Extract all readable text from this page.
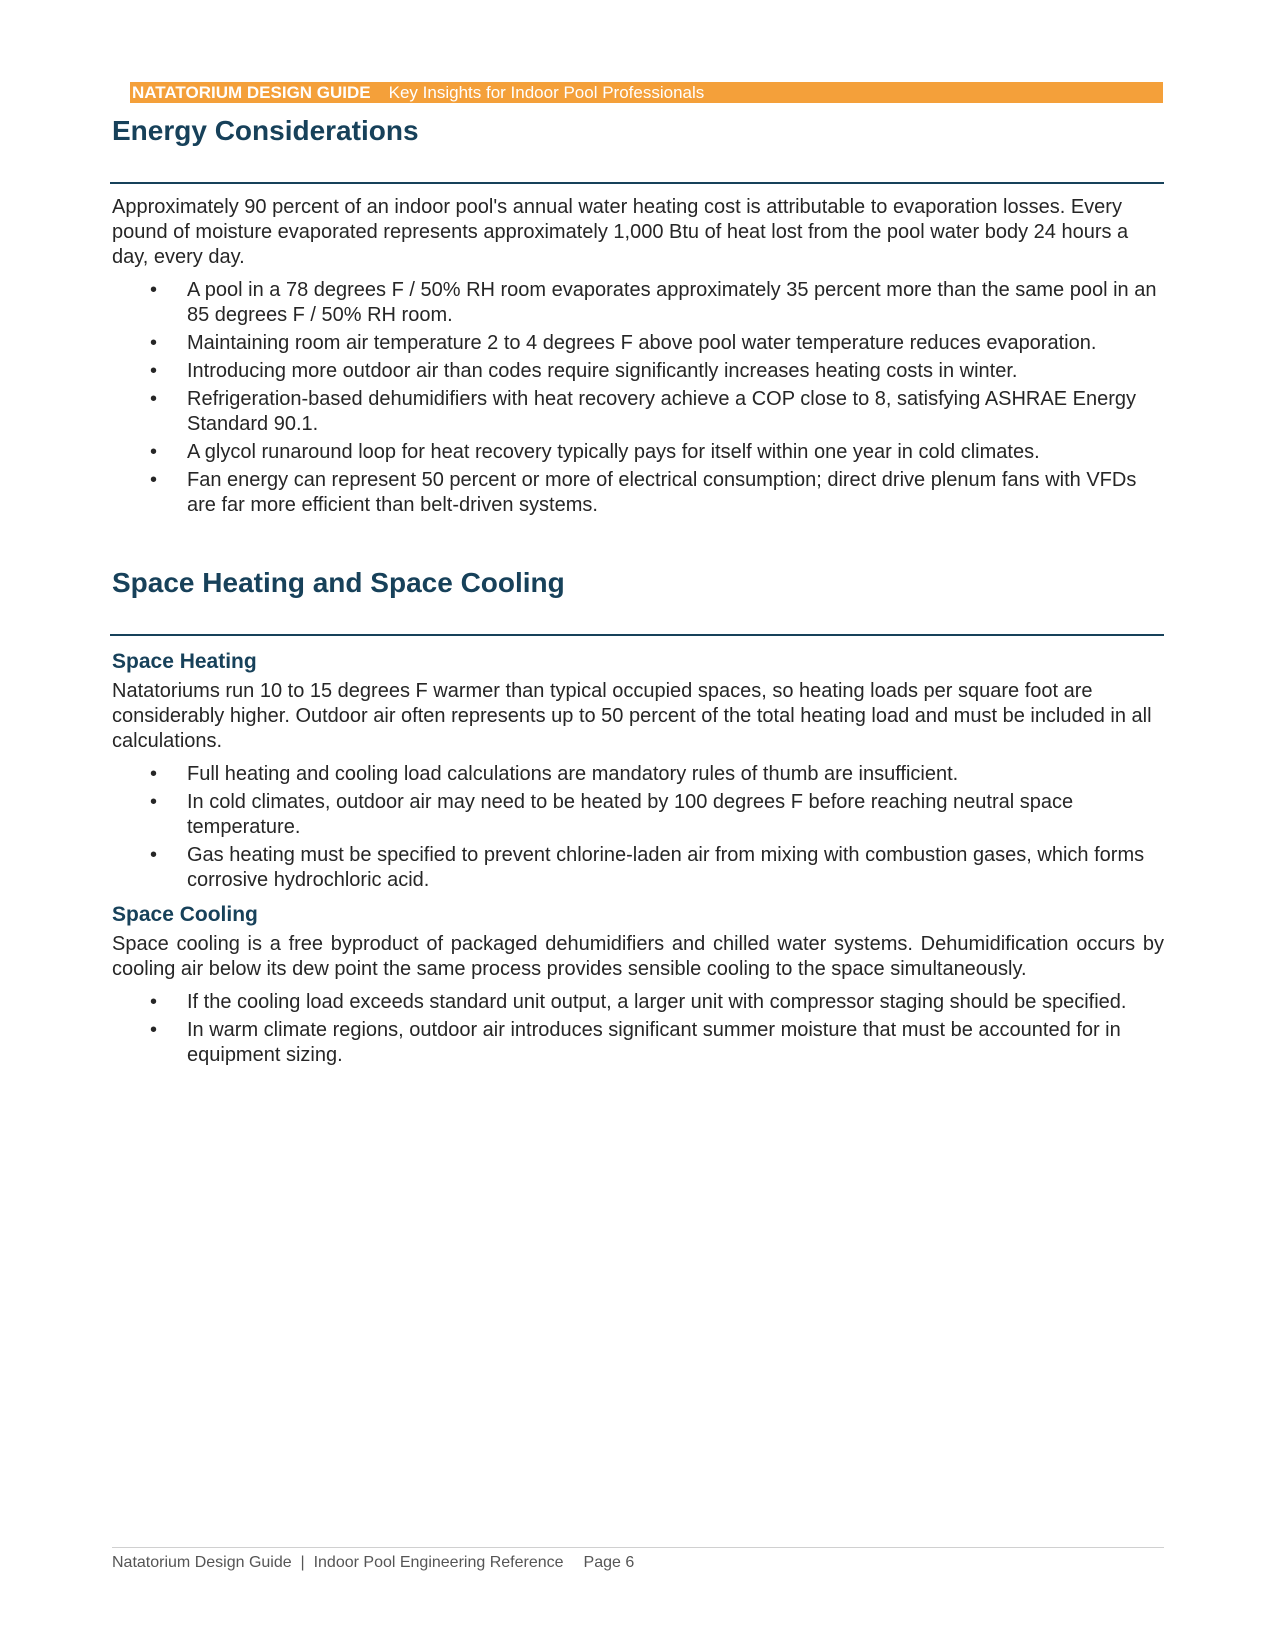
NATATORIUM DESIGN GUIDE Key Insights for Indoor Pool Professionals
Energy Considerations

Approximately 90 percent of an indoor pool's annual water heating cost is attributable to evaporation losses. Every pound of moisture evaporated represents approximately 1,000 Btu of heat lost from the pool water body 24 hours a day, every day.

• A pool in a 78 degrees F / 50% RH room evaporates approximately 35 percent more than the same pool in an 85 degrees F / 50% RH room.
• Maintaining room air temperature 2 to 4 degrees F above pool water temperature reduces evaporation.
• Introducing more outdoor air than codes require significantly increases heating costs in winter.
• Refrigeration-based dehumidifiers with heat recovery achieve a COP close to 8, satisfying ASHRAE Energy Standard 90.1.
• A glycol runaround loop for heat recovery typically pays for itself within one year in cold climates.
• Fan energy can represent 50 percent or more of electrical consumption; direct drive plenum fans with VFDs are far more efficient than belt-driven systems.
Space Heating and Space Cooling
Space Heating

Natatoriums run 10 to 15 degrees F warmer than typical occupied spaces, so heating loads per square foot are considerably higher. Outdoor air often represents up to 50 percent of the total heating load and must be included in all calculations.

• Full heating and cooling load calculations are mandatory rules of thumb are insufficient.
• In cold climates, outdoor air may need to be heated by 100 degrees F before reaching neutral space temperature.
• Gas heating must be specified to prevent chlorine-laden air from mixing with combustion gases, which forms corrosive hydrochloric acid.
Space Cooling

Space cooling is a free byproduct of packaged dehumidifiers and chilled water systems. Dehumidification occurs by cooling air below its dew point the same process provides sensible cooling to the space simultaneously.

• If the cooling load exceeds standard unit output, a larger unit with compressor staging should be specified.
• In warm climate regions, outdoor air introduces significant summer moisture that must be accounted for in equipment sizing.
Natatorium Design Guide  |  Indoor Pool Engineering Reference Page 6
